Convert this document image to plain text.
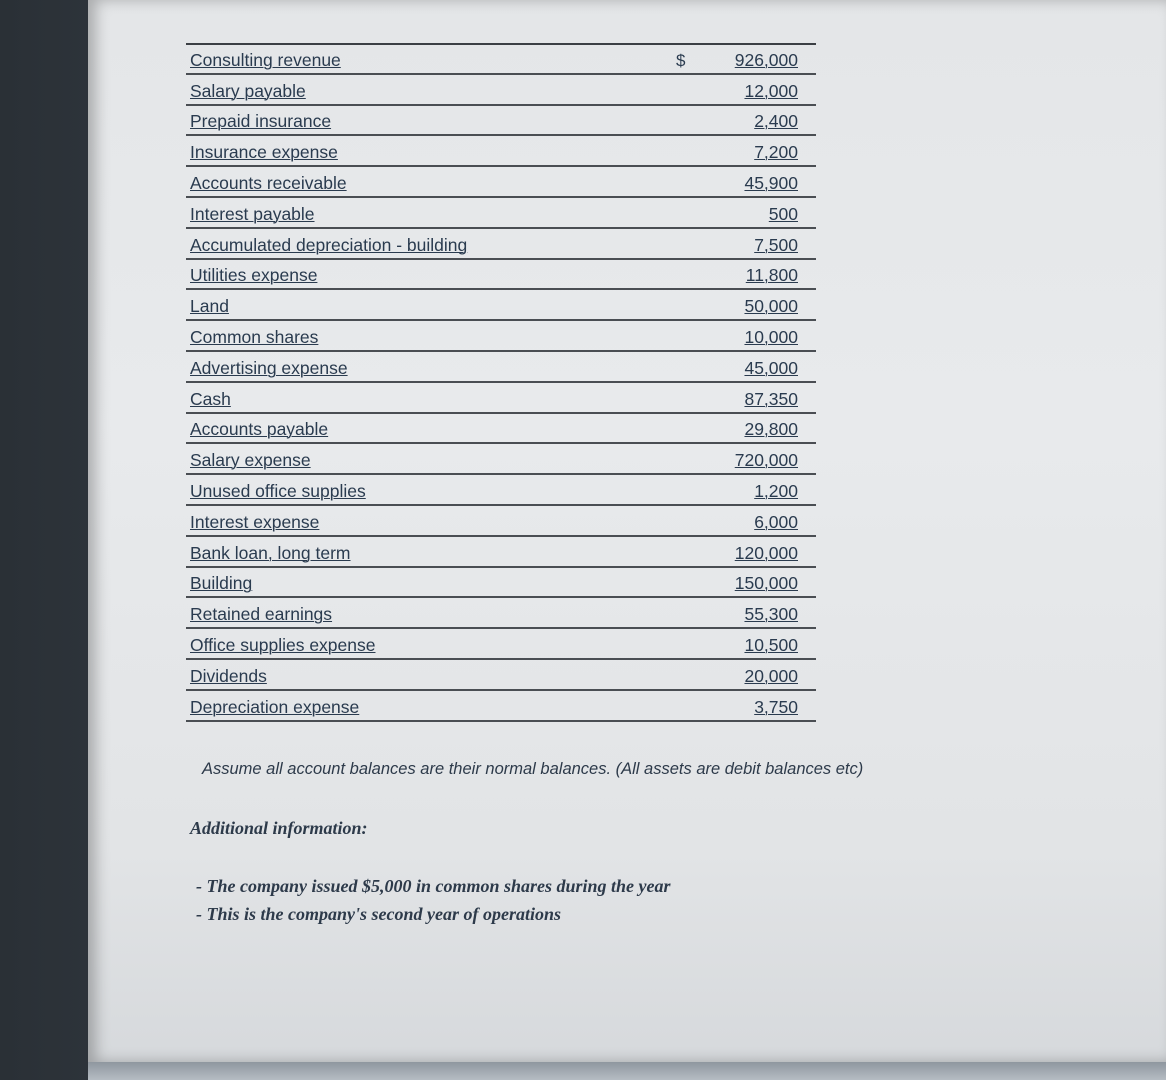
Consulting revenue	$	926,000
Salary payable	12,000
Prepaid insurance	2,400
Insurance expense	7,200
Accounts receivable	45,900
Interest payable	500
Accumulated depreciation - building	7,500
Utilities expense	11,800
Land	50,000
Common shares	10,000
Advertising expense	45,000
Cash	87,350
Accounts payable	29,800
Salary expense	720,000
Unused office supplies	1,200
Interest expense	6,000
Bank loan, long term	120,000
Building	150,000
Retained earnings	55,300
Office supplies expense	10,500
Dividends	20,000
Depreciation expense	3,750
Assume all account balances are their normal balances. (All assets are debit balances etc)
Additional information:
- The company issued $5,000 in common shares during the year
- This is the company's second year of operations
